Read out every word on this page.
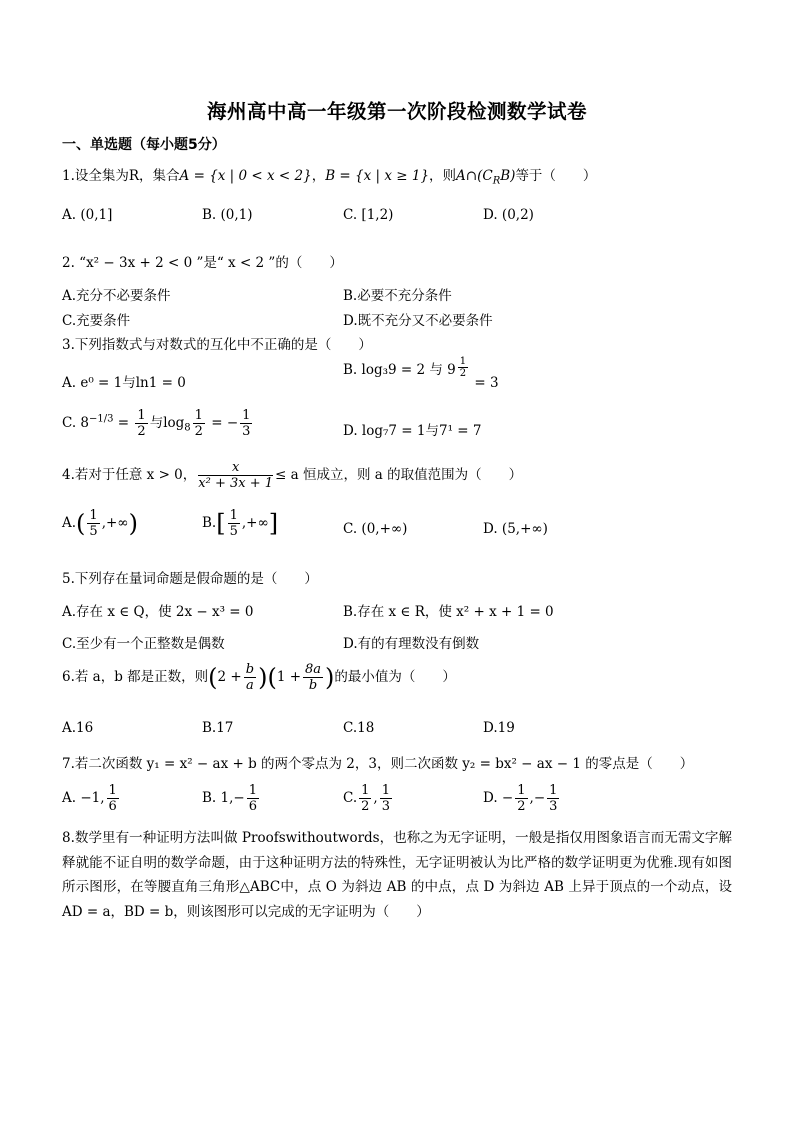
海州高中高一年级第一次阶段检测数学试卷
一、单选题（每小题5分）
1.设全集为R，集合A = {x | 0 < x < 2}，B = {x | x ≥ 1}，则$A\cap(C_RB)$等于（　　）
A. (0,1]	B. (0,1)	C. [1,2)	D. (0,2)
2. “x² − 3x + 2 < 0 ”是“ x < 2 ”的（　　）
A.充分不必要条件	B.必要不充分条件
C.充要条件	D.既不充分又不必要条件
3.下列指数式与对数式的互化中不正确的是（　　）
A. e⁰ = 1与ln1 = 0
B. log₃9 = 2 与 $9 \frac{1}{2}$
= 3
C. $8^{-1/3} = \frac{1}{2}$ 与$\log_8 \frac{1}{2}$ = − $\frac{1}{3}$	D. log₇7 = 1与7¹ = 7
4.若对于任意 x > 0， $\frac{x}{\text{x² + 3x + 1}} \le a$ 恒成立，则 a 的取值范围为（　　）
$A.( \frac{1}{5}$ ,+∞)	$B.[ \frac{1}{5}$ ,+∞]	C. (0,+∞)	D. (5,+∞)
5.下列存在量词命题是假命题的是（　　）
A.存在 x ∈ Q，使 2x − x³ = 0	B.存在 x ∈ R，使 x² + x + 1 = 0
C.至少有一个正整数是偶数	D.有的有理数没有倒数
6.若 a，b 都是正数，则$(2 + \frac{b}{a} )(1 + \frac{8a}{b}$ )的最小值为（　　）
A.16	B.17	C.18	D.19
7.若二次函数 y₁ = x² − ax + b 的两个零点为 2，3，则二次函数 y₂ = bx² − ax − 1 的零点是（　　）
A. −1, $\frac{1}{6}$	B. $1,- \frac{1}{6}$	C. $\frac{1}{2}$ , $\frac{1}{3}$	D. − $\frac{1}{2}$ ,− $\frac{1}{3}$
8.数学里有一种证明方法叫做 Proofswithoutwords，也称之为无字证明，一般是指仅用图象语言而无需文字解释就能不证自明的数学命题，由于这种证明方法的特殊性，无字证明被认为比严格的数学证明更为优雅.现有如图所示图形，在等腰直角三角形△ABC中，点 O 为斜边 AB 的中点，点 D 为斜边 AB 上异于顶点的一个动点，设 AD = a，BD = b，则该图形可以完成的无字证明为（　　）
